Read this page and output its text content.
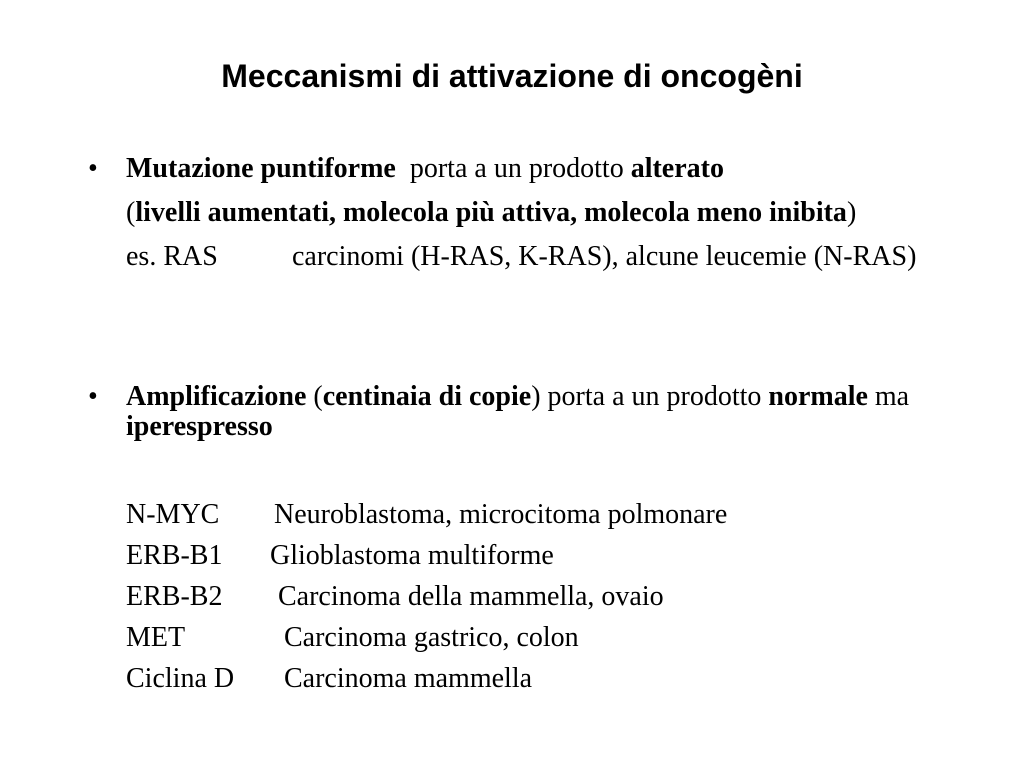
Meccanismi di attivazione di oncogèni
•	Mutazione puntiforme porta a un prodotto alterato
(livelli aumentati, molecola più attiva, molecola meno inibita)
es. RAS	carcinomi (H-RAS, K-RAS), alcune leucemie (N-RAS)
•	Amplificazione (centinaia di copie) porta a un prodotto normale ma iperespresso
N-MYC	Neuroblastoma, microcitoma polmonare
ERB-B1	Glioblastoma multiforme
ERB-B2	Carcinoma della mammella, ovaio
MET	Carcinoma gastrico, colon
Ciclina D	Carcinoma mammella
